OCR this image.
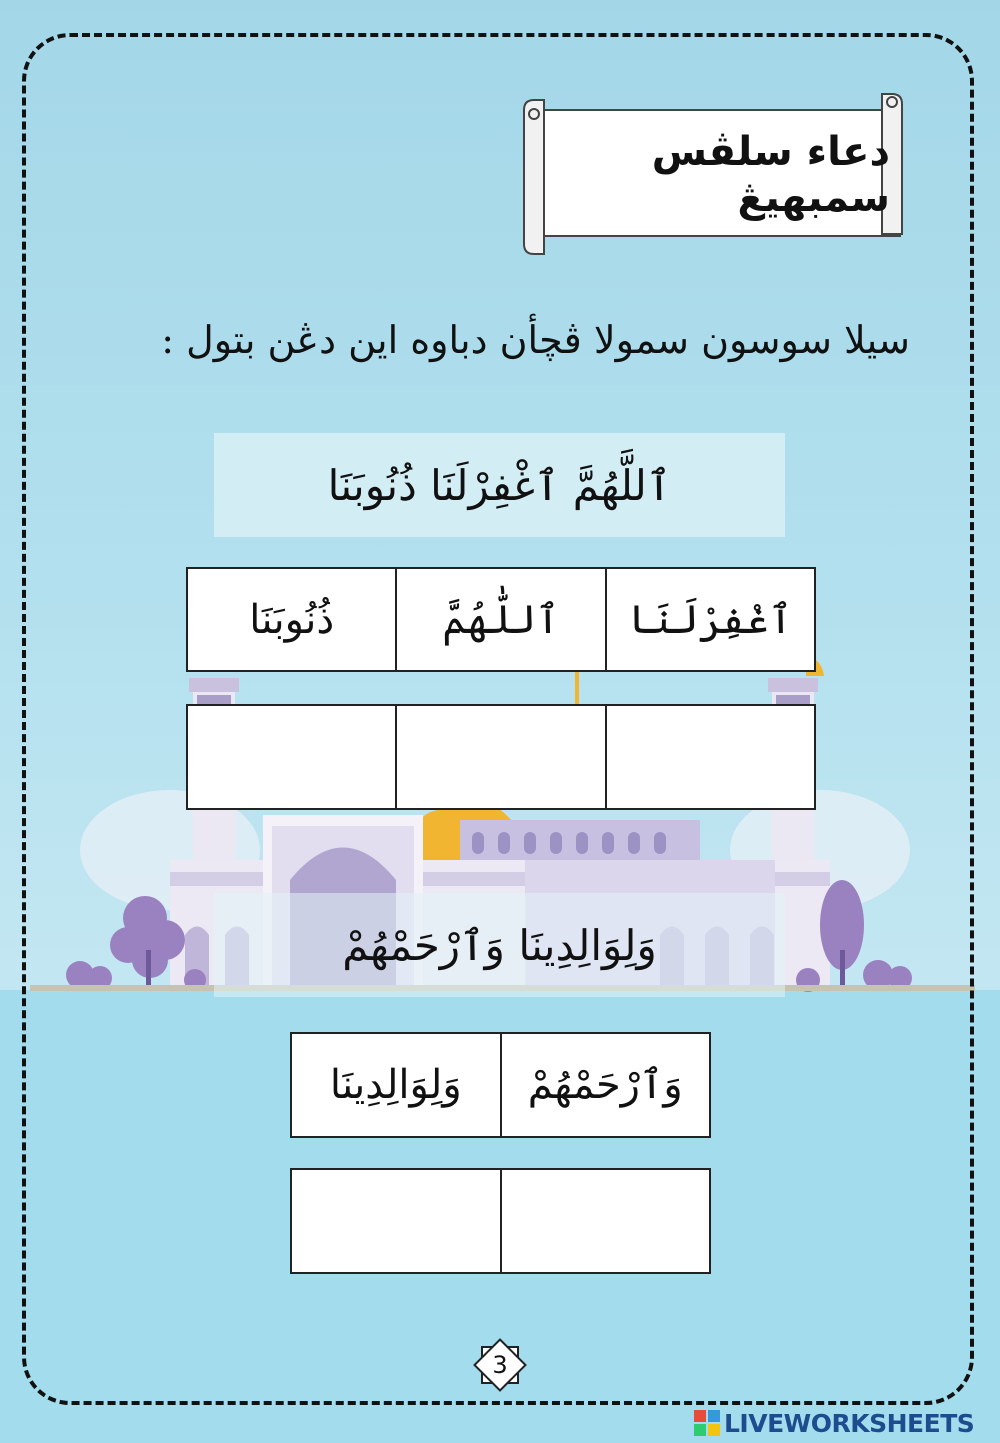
دعاء سلڤس سمبهيڠ
سيلا سوسون سمولا ڤچأن دباوه اين دڠن بتول :
ٱللَّهُمَّ ٱغْفِرْلَنَا ذُنُوبَنَا
ٱغْفِرْلَنَا
ٱللّٰهُمَّ
ذُنُوبَنَا
وَلِوَالِدِينَا وَٱرْحَمْهُمْ
وَٱرْحَمْهُمْ
وَلِوَالِدِينَا
3
LIVEWORKSHEETS
